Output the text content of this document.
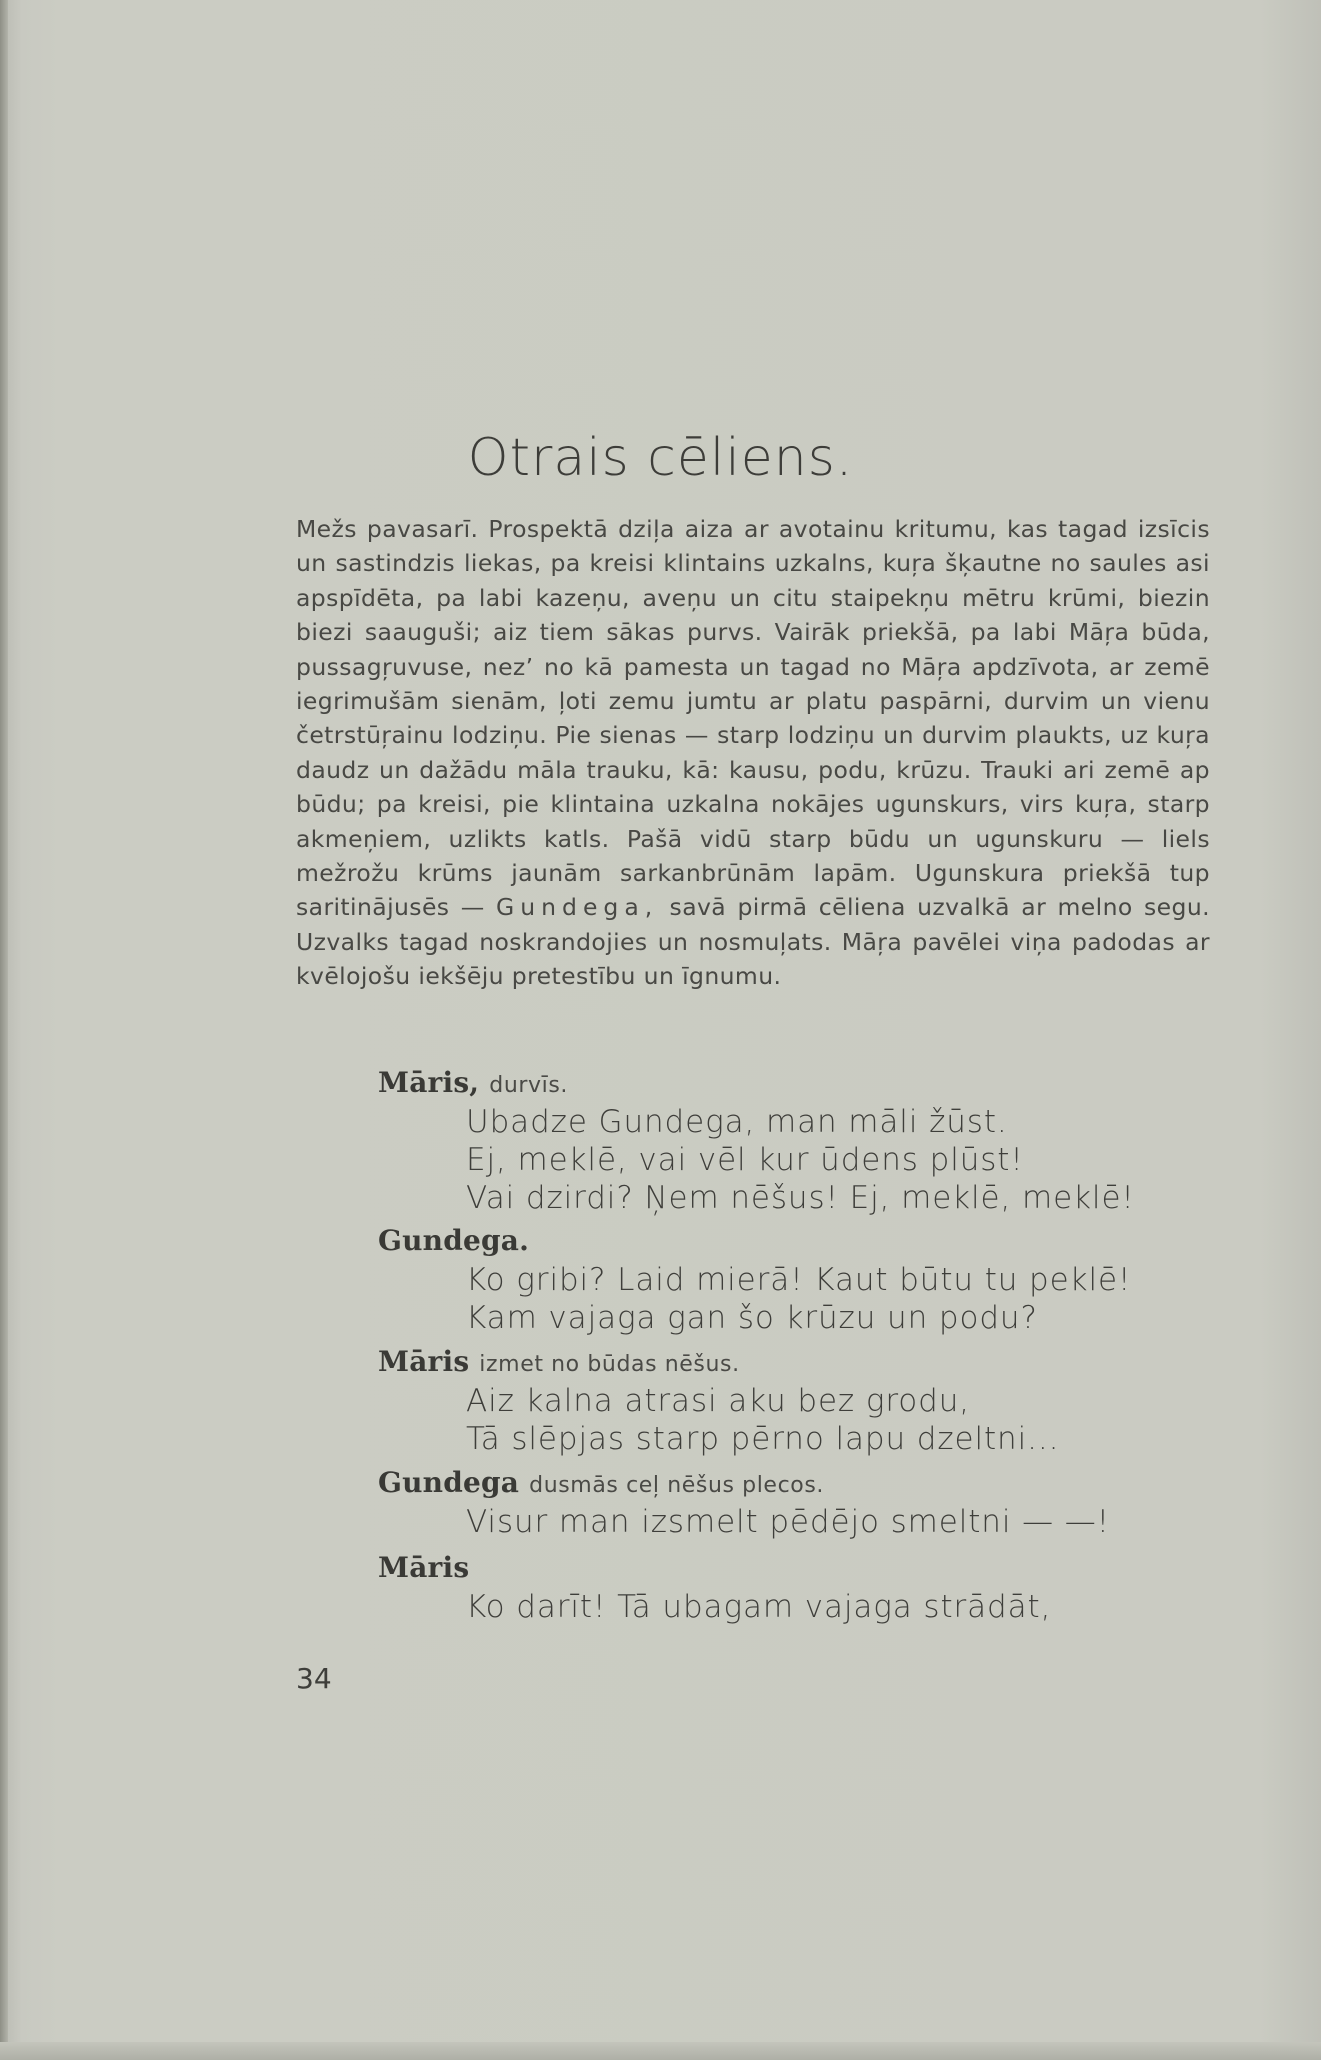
Otrais cēliens.

Mežs pavasarī. Prospektā dziļa aiza ar avotainu kritumu, kas tagad izsīcis un sastindzis liekas, pa kreisi klintains uzkalns, kuŗa šķautne no saules asi apspīdēta, pa labi kazeņu, aveņu un citu staipekņu mētru krūmi, biezin biezi saauguši; aiz tiem sākas purvs. Vairāk priekšā, pa labi Māŗa būda, pussagŗuvuse, nez’ no kā pamesta un tagad no Māŗa apdzīvota, ar zemē iegrimušām sienām, ļoti zemu jumtu ar platu paspārni, durvim un vienu četrstūŗainu lodziņu. Pie sienas — starp lodziņu un durvim plaukts, uz kuŗa daudz un dažādu māla trauku, kā: kausu, podu, krūzu. Trauki ari zemē ap būdu; pa kreisi, pie klintaina uzkalna nokājes ugunskurs, virs kuŗa, starp akmeņiem, uzlikts katls. Pašā vidū starp būdu un ugunskuru — liels mežrožu krūms jaunām sarkanbrūnām lapām. Ugunskura priekšā tup saritinājusēs — Gundega, savā pirmā cēliena uzvalkā ar melno segu. Uzvalks tagad noskrandojies un nosmuļats. Māŗa pavēlei viņa padodas ar kvēlojošu iekšēju pretestību un īgnumu.

Māris, durvīs.
Ubadze Gundega, man māli žūst.
Ej, meklē, vai vēl kur ūdens plūst!
Vai dzirdi? Ņem nēšus! Ej, meklē, meklē!
Gundega.
Ko gribi? Laid mierā! Kaut būtu tu peklē!
Kam vajaga gan šo krūzu un podu?
Māris izmet no būdas nēšus.
Aiz kalna atrasi aku bez grodu,
Tā slēpjas starp pērno lapu dzeltni...
Gundega dusmās ceļ nēšus plecos.
Visur man izsmelt pēdējo smeltni — —!
Māris
Ko darīt! Tā ubagam vajaga strādāt,
34
